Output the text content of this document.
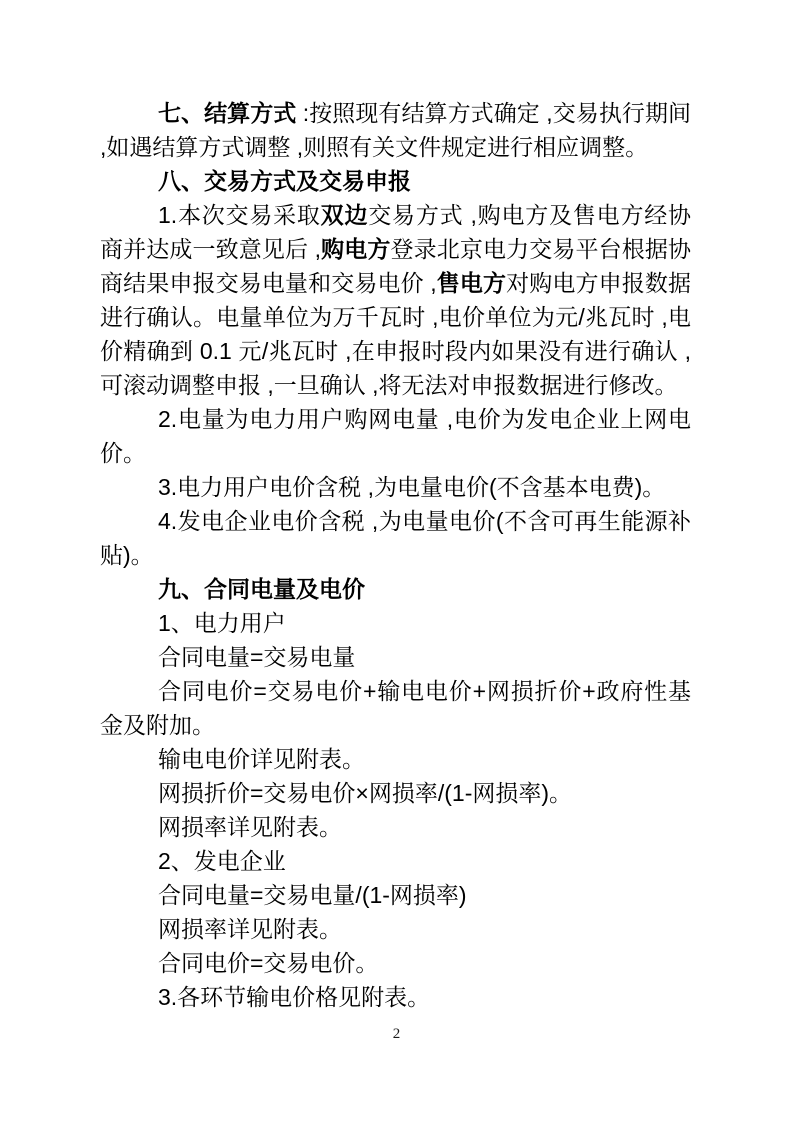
七、结算方式 :按照现有结算方式确定 ,交易执行期间 ,如遇结算方式调整 ,则照有关文件规定进行相应调整。

八、交易方式及交易申报

1.本次交易采取双边交易方式 ,购电方及售电方经协商并达成一致意见后 ,购电方登录北京电力交易平台根据协商结果申报交易电量和交易电价 ,售电方对购电方申报数据进行确认。电量单位为万千瓦时 ,电价单位为元/兆瓦时 ,电价精确到 0.1 元/兆瓦时 ,在申报时段内如果没有进行确认 ,可滚动调整申报 ,一旦确认 ,将无法对申报数据进行修改。

2.电量为电力用户购网电量 ,电价为发电企业上网电价。

3.电力用户电价含税 ,为电量电价(不含基本电费)。

4.发电企业电价含税 ,为电量电价(不含可再生能源补贴)。

九、合同电量及电价

1、电力用户

合同电量=交易电量

合同电价=交易电价+输电电价+网损折价+政府性基金及附加。

输电电价详见附表。

网损折价=交易电价×网损率/(1-网损率)。

网损率详见附表。

2、发电企业

合同电量=交易电量/(1-网损率)

网损率详见附表。

合同电价=交易电价。

3.各环节输电价格见附表。

2
